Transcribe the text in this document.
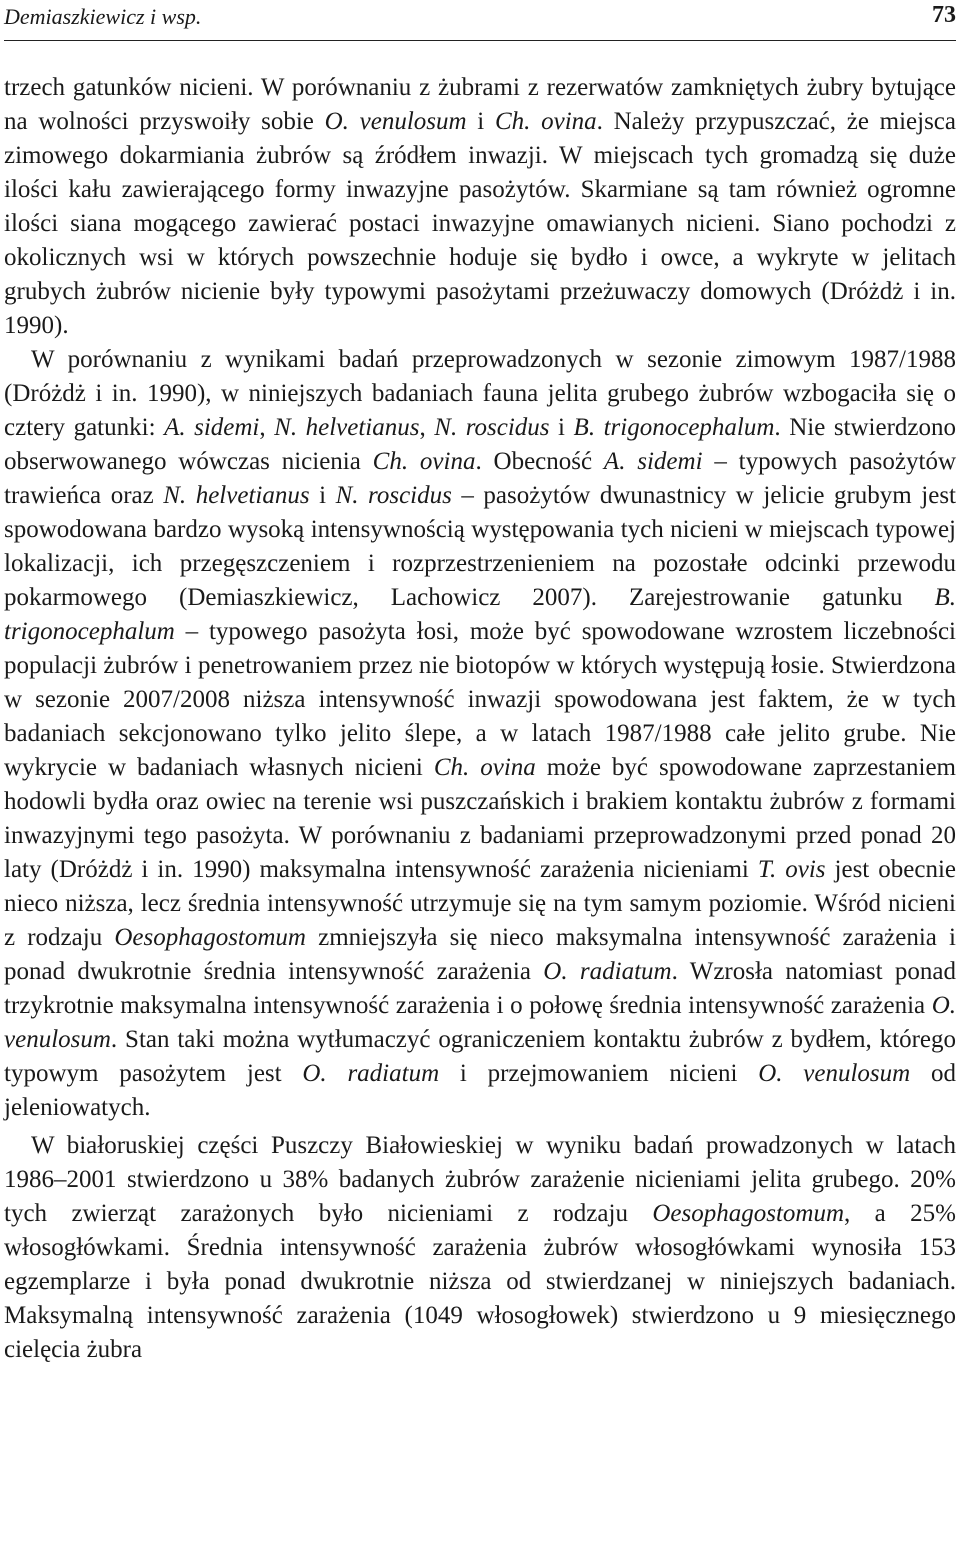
Demiaszkiewicz i wsp.	73

trzech gatunków nicieni. W porównaniu z żubrami z rezerwatów zamkniętych żubry bytujące na wolności przyswoiły sobie O. venulosum i Ch. ovina. Należy przypuszczać, że miejsca zimowego dokarmiania żubrów są źródłem inwazji. W miejscach tych gromadzą się duże ilości kału zawierającego formy inwazyjne pasożytów. Skarmiane są tam również ogromne ilości siana mogącego zawierać postaci inwazyjne omawianych nicieni. Siano pochodzi z okolicznych wsi w których powszechnie hoduje się bydło i owce, a wykryte w jelitach grubych żubrów nicienie były typowymi pasożytami przeżuwaczy domowych (Dróżdż i in. 1990).

W porównaniu z wynikami badań przeprowadzonych w sezonie zimowym 1987/1988 (Dróżdż i in. 1990), w niniejszych badaniach fauna jelita grubego żubrów wzbogaciła się o cztery gatunki: A. sidemi, N. helvetianus, N. roscidus i B. trigonocephalum. Nie stwierdzono obserwowanego wówczas nicienia Ch. ovina. Obecność A. sidemi – typowych pasożytów trawieńca oraz N. helvetianus i N. roscidus – pasożytów dwunastnicy w jelicie grubym jest spowodowana bardzo wysoką intensywnością występowania tych nicieni w miejscach typowej lokalizacji, ich przegęszczeniem i rozprzestrzenieniem na pozostałe odcinki przewodu pokarmowego (Demiaszkiewicz, Lachowicz 2007). Zarejestrowanie gatunku B. trigonocephalum – typowego pasożyta łosi, może być spowodowane wzrostem liczebności populacji żubrów i penetrowaniem przez nie biotopów w których występują łosie. Stwierdzona w sezonie 2007/2008 niższa intensywność inwazji spowodowana jest faktem, że w tych badaniach sekcjonowano tylko jelito ślepe, a w latach 1987/1988 całe jelito grube. Nie wykrycie w badaniach własnych nicieni Ch. ovina może być spowodowane zaprzestaniem hodowli bydła oraz owiec na terenie wsi puszczańskich i brakiem kontaktu żubrów z formami inwazyjnymi tego pasożyta. W porównaniu z badaniami przeprowadzonymi przed ponad 20 laty (Dróżdż i in. 1990) maksymalna intensywność zarażenia nicieniami T. ovis jest obecnie nieco niższa, lecz średnia intensywność utrzymuje się na tym samym poziomie. Wśród nicieni z rodzaju Oesophagostomum zmniejszyła się nieco maksymalna intensywność zarażenia i ponad dwukrotnie średnia intensywność zarażenia O. radiatum. Wzrosła natomiast ponad trzykrotnie maksymalna intensywność zarażenia i o połowę średnia intensywność zarażenia O. venulosum. Stan taki można wytłumaczyć ograniczeniem kontaktu żubrów z bydłem, którego typowym pasożytem jest O. radiatum i przejmowaniem nicieni O. venulosum od jeleniowatych.

W białoruskiej części Puszczy Białowieskiej w wyniku badań prowadzonych w latach 1986–2001 stwierdzono u 38% badanych żubrów zarażenie nicieniami jelita grubego. 20% tych zwierząt zarażonych było nicieniami z rodzaju Oesophagostomum, a 25% włosogłówkami. Średnia intensywność zarażenia żubrów włosogłówkami wynosiła 153 egzemplarze i była ponad dwukrotnie niższa od stwierdzanej w niniejszych badaniach. Maksymalną intensywność zarażenia (1049 włosogłowek) stwierdzono u 9 miesięcznego cielęcia żubra
